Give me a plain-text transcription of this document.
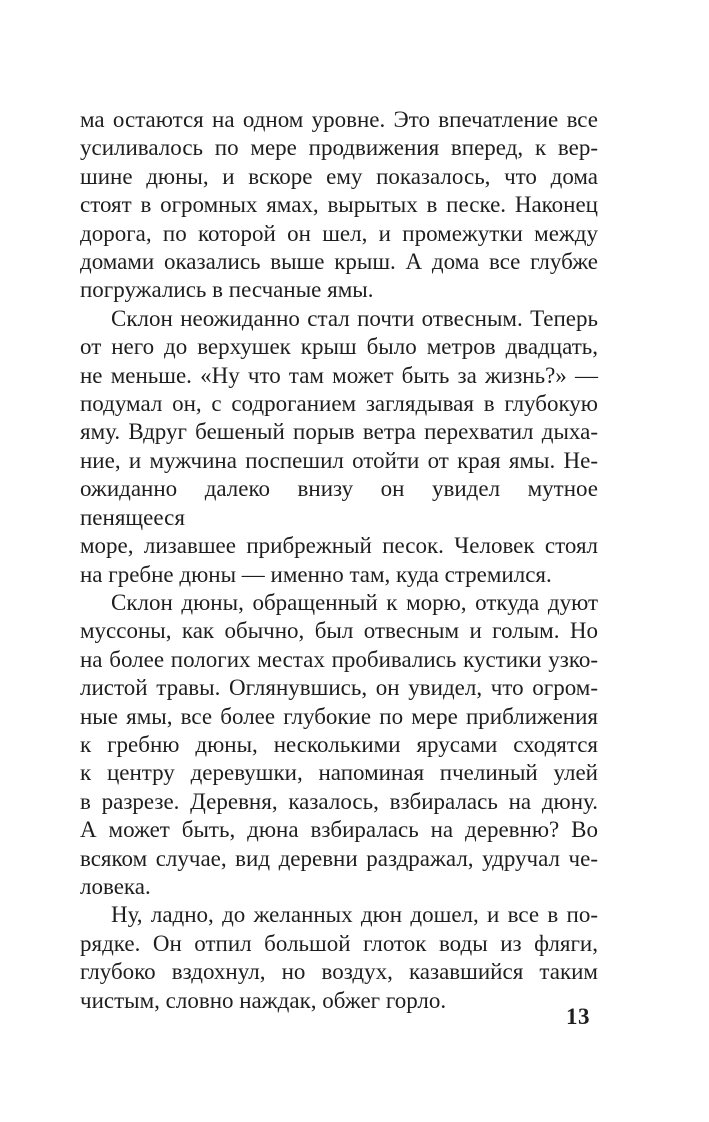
ма остаются на одном уровне. Это впечатление все
усиливалось по мере продвижения вперед, к вер-
шине дюны, и вскоре ему показалось, что дома
стоят в огромных ямах, вырытых в песке. Наконец
дорога, по которой он шел, и промежутки между
домами оказались выше крыш. А дома все глубже
погружались в песчаные ямы.
Склон неожиданно стал почти отвесным. Теперь
от него до верхушек крыш было метров двадцать,
не меньше. «Ну что там может быть за жизнь?» —
подумал он, с содроганием заглядывая в глубокую
яму. Вдруг бешеный порыв ветра перехватил дыха-
ние, и мужчина поспешил отойти от края ямы. Не-
ожиданно далеко внизу он увидел мутное пенящееся
море, лизавшее прибрежный песок. Человек стоял
на гребне дюны — именно там, куда стремился.
Склон дюны, обращенный к морю, откуда дуют
муссоны, как обычно, был отвесным и голым. Но
на более пологих местах пробивались кустики узко-
листой травы. Оглянувшись, он увидел, что огром-
ные ямы, все более глубокие по мере приближения
к гребню дюны, несколькими ярусами сходятся
к центру деревушки, напоминая пчелиный улей
в разрезе. Деревня, казалось, взбиралась на дюну.
А может быть, дюна взбиралась на деревню? Во
всяком случае, вид деревни раздражал, удручал че-
ловека.
Ну, ладно, до желанных дюн дошел, и все в по-
рядке. Он отпил большой глоток воды из фляги,
глубоко вздохнул, но воздух, казавшийся таким
чистым, словно наждак, обжег горло.
13
